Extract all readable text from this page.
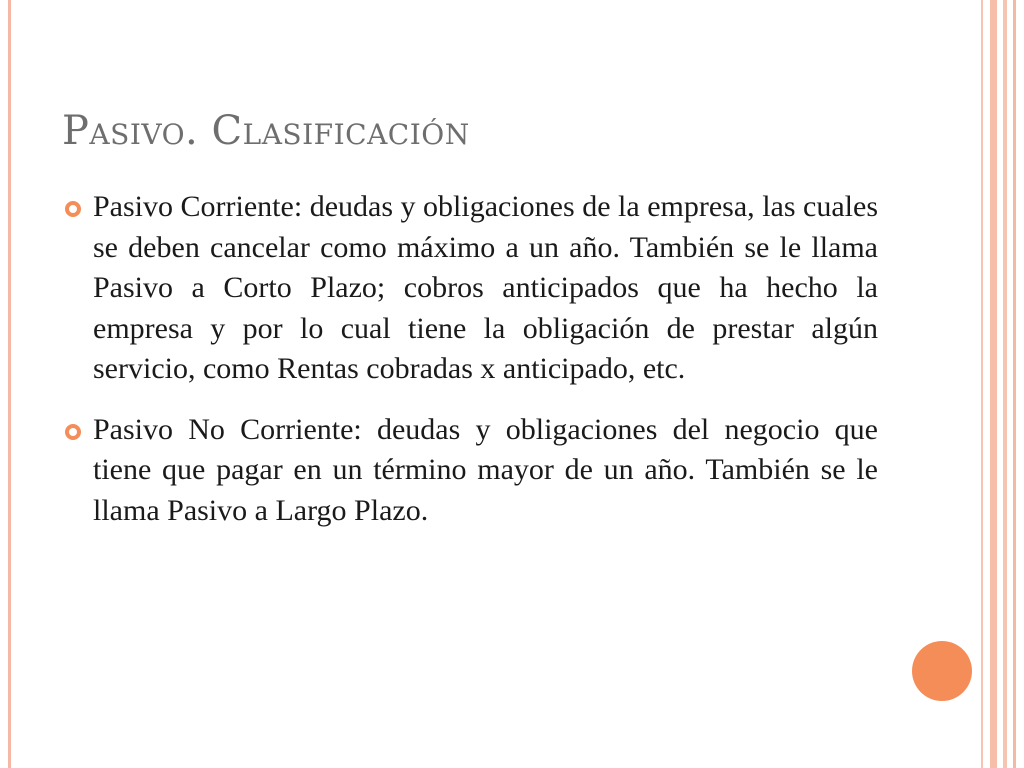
Pasivo. Clasificación
Pasivo Corriente: deudas y obligaciones de la empresa, las cuales se deben cancelar como máximo a un año. También se le llama Pasivo a Corto Plazo; cobros anticipados que ha hecho la empresa y por lo cual tiene la obligación de prestar algún servicio, como Rentas cobradas x anticipado, etc.
Pasivo No Corriente: deudas y obligaciones del negocio que tiene que pagar en un término mayor de un año. También se le llama Pasivo a Largo Plazo.
